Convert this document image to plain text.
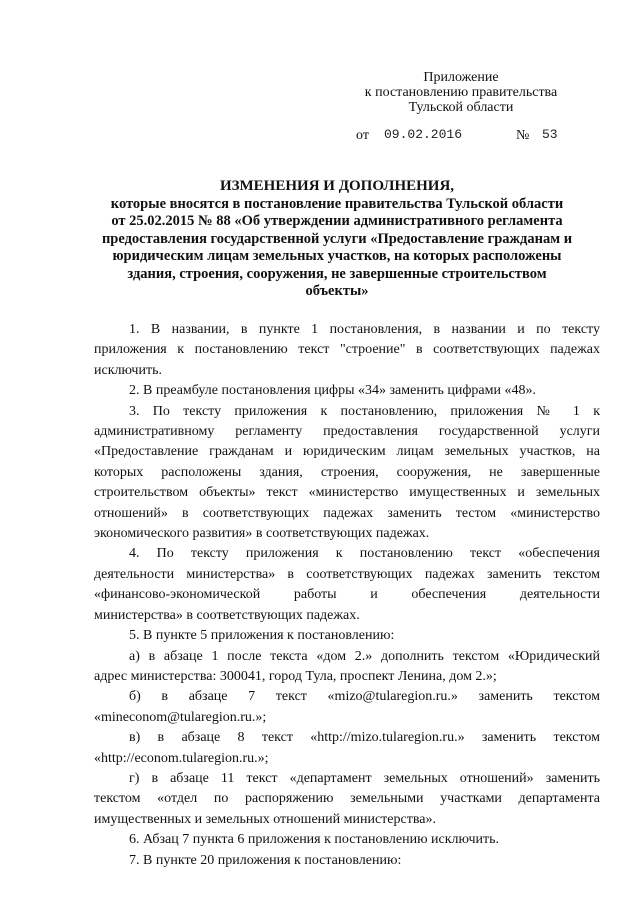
Приложение
к постановлению правительства
Тульской области
от 09.02.2016	№ 53
ИЗМЕНЕНИЯ И ДОПОЛНЕНИЯ,
которые вносятся в постановление правительства Тульской области
от 25.02.2015 № 88 «Об утверждении административного регламента
предоставления государственной услуги «Предоставление гражданам и
юридическим лицам земельных участков, на которых расположены
здания, строения, сооружения, не завершенные строительством
объекты»
1. В названии, в пункте 1 постановления, в названии и по тексту
приложения к постановлению текст "строение" в соответствующих падежах
исключить.
2. В преамбуле постановления цифры «34» заменить цифрами «48».
3. По тексту приложения к постановлению, приложения № 1 к
административному регламенту предоставления государственной услуги
«Предоставление гражданам и юридическим лицам земельных участков, на
которых расположены здания, строения, сооружения, не завершенные
строительством объекты» текст «министерство имущественных и земельных
отношений» в соответствующих падежах заменить тестом «министерство
экономического развития» в соответствующих падежах.
4. По тексту приложения к постановлению текст «обеспечения
деятельности министерства» в соответствующих падежах заменить текстом
«финансово-экономической работы и обеспечения деятельности
министерства» в соответствующих падежах.
5. В пункте 5 приложения к постановлению:
а) в абзаце 1 после текста «дом 2.» дополнить текстом «Юридический
адрес министерства: 300041, город Тула, проспект Ленина, дом 2.»;
б) в абзаце 7 текст «mizo@tularegion.ru.» заменить текстом
«mineconom@tularegion.ru.»;
в) в абзаце 8 текст «http://mizo.tularegion.ru.» заменить текстом
«http://econom.tularegion.ru.»;
г) в абзаце 11 текст «департамент земельных отношений» заменить
текстом «отдел по распоряжению земельными участками департамента
имущественных и земельных отношений министерства».
6. Абзац 7 пункта 6 приложения к постановлению исключить.
7. В пункте 20 приложения к постановлению:
